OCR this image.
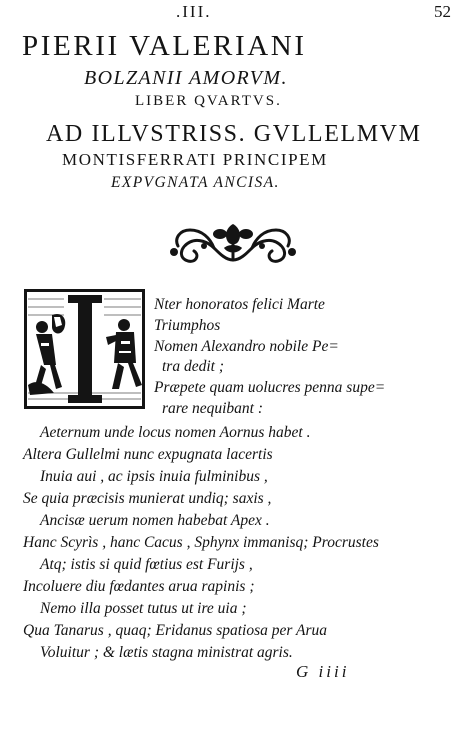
.III.	52
PIERII VALERIANI
BOLZANII AMORVM.
LIBER QVARTVS.
AD ILLVSTRISS. GVLLELMVM
MONTISFERRATI PRINCIPEM
EXPVGNATA ANCISA.
Nter honoratos felici Marte
Triumphos
Nomen Alexandro nobile Pe=
tra dedit ;
Præpete quam uolucres penna supe=
rare nequibant :
Aeternum unde locus nomen Aornus habet .
Altera Gullelmi nunc expugnata lacertis
Inuia aui , ac ipsis inuia fulminibus ,
Se quia præcisis munierat undiq; saxis ,
Ancisæ uerum nomen habebat Apex .
Hanc Scyrìs , hanc Cacus , Sphynx immanisq; Procrustes
Atq; istis si quid fœtius est Furijs ,
Incoluere diu fœdantes arua rapinis ;
Nemo illa posset tutus ut ire uia ;
Qua Tanarus , quaq; Eridanus spatiosa per Arua
Voluitur ; & lætis stagna ministrat agris.
G iiii
